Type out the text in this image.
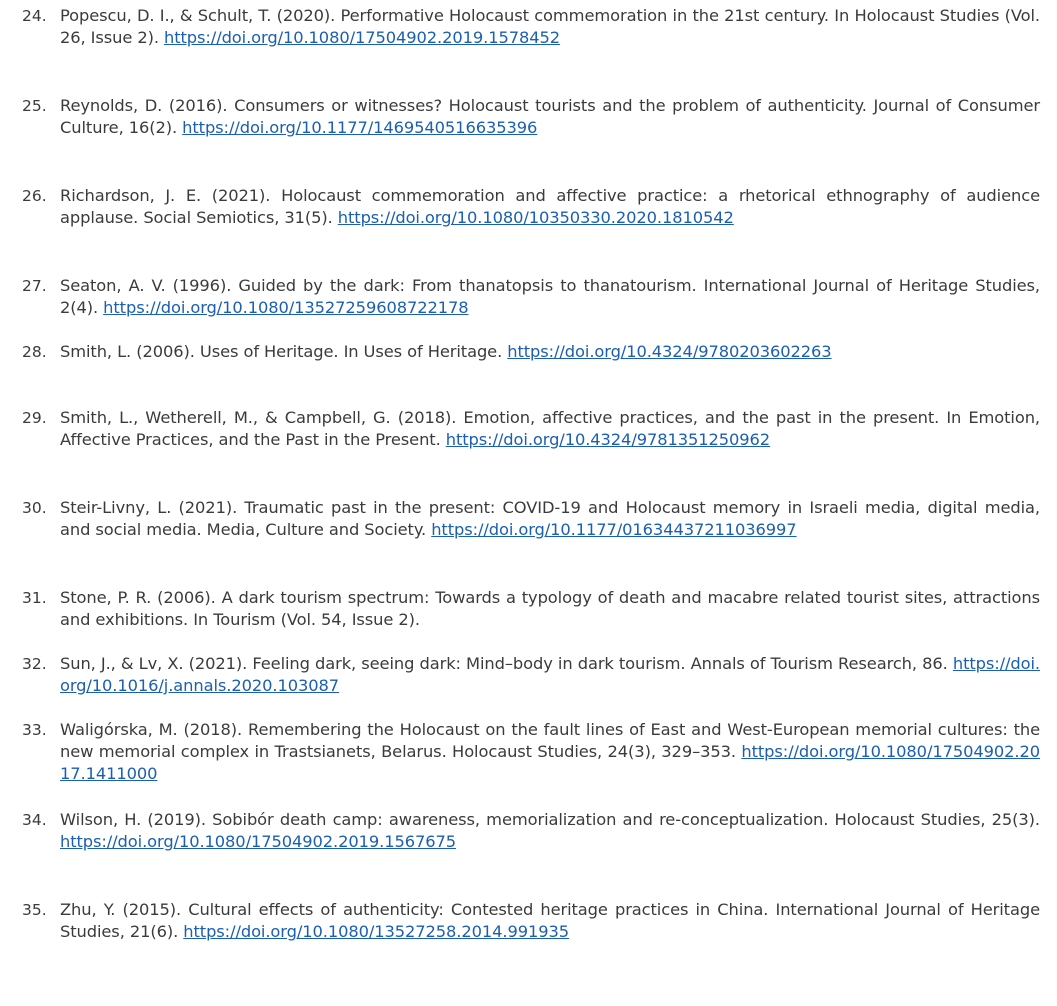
24. Popescu, D. I., & Schult, T. (2020). Performative Holocaust commemoration in the 21st century. In Holocaust Studies (Vol. 26, Issue 2). https://doi.org/10.1080/17504902.2019.1578452
25. Reynolds, D. (2016). Consumers or witnesses? Holocaust tourists and the problem of authenticity. Journal of Consumer Culture, 16(2). https://doi.org/10.1177/1469540516635396
26. Richardson, J. E. (2021). Holocaust commemoration and affective practice: a rhetorical ethnography of audience applause. Social Semiotics, 31(5). https://doi.org/10.1080/10350330.2020.1810542
27. Seaton, A. V. (1996). Guided by the dark: From thanatopsis to thanatourism. International Journal of Heritage Studies, 2(4). https://doi.org/10.1080/13527259608722178
28. Smith, L. (2006). Uses of Heritage. In Uses of Heritage. https://doi.org/10.4324/9780203602263
29. Smith, L., Wetherell, M., & Campbell, G. (2018). Emotion, affective practices, and the past in the present. In Emotion, Affective Practices, and the Past in the Present. https://doi.org/10.4324/9781351250962
30. Steir-Livny, L. (2021). Traumatic past in the present: COVID-19 and Holocaust memory in Israeli media, digital media, and social media. Media, Culture and Society. https://doi.org/10.1177/01634437211036997
31. Stone, P. R. (2006). A dark tourism spectrum: Towards a typology of death and macabre related tourist sites, attractions and exhibitions. In Tourism (Vol. 54, Issue 2).
32. Sun, J., & Lv, X. (2021). Feeling dark, seeing dark: Mind–body in dark tourism. Annals of Tourism Research, 86. https://doi.org/10.1016/j.annals.2020.103087
33. Waligórska, M. (2018). Remembering the Holocaust on the fault lines of East and West-European memorial cultures: the new memorial complex in Trastsianets, Belarus. Holocaust Studies, 24(3), 329–353. https://doi.org/10.1080/17504902.2017.1411000
34. Wilson, H. (2019). Sobibór death camp: awareness, memorialization and re-conceptualization. Holocaust Studies, 25(3). https://doi.org/10.1080/17504902.2019.1567675
35. Zhu, Y. (2015). Cultural effects of authenticity: Contested heritage practices in China. International Journal of Heritage Studies, 21(6). https://doi.org/10.1080/13527258.2014.991935
